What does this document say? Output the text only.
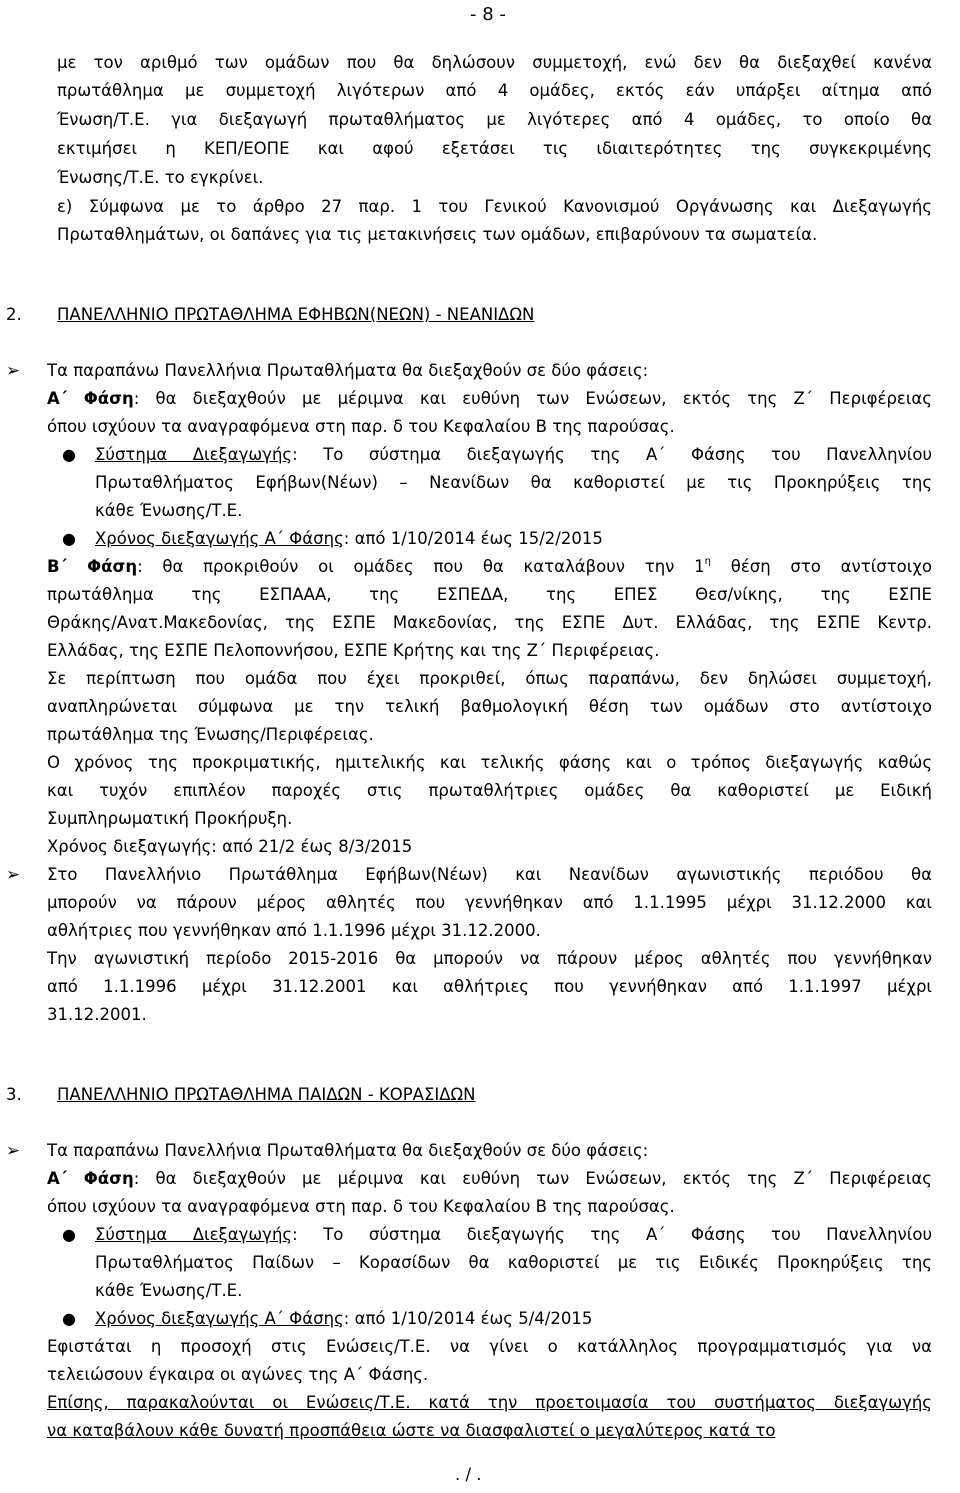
- 8 -
με τον αριθμό των ομάδων που θα δηλώσουν συμμετοχή, ενώ δεν θα διεξαχθεί κανένα
πρωτάθλημα με συμμετοχή λιγότερων από 4 ομάδες, εκτός εάν υπάρξει αίτημα από
Ένωση/Τ.Ε. για διεξαγωγή πρωταθλήματος με λιγότερες από 4 ομάδες, το οποίο θα
εκτιμήσει η ΚΕΠ/ΕΟΠΕ και αφού εξετάσει τις ιδιαιτερότητες της συγκεκριμένης
Ένωσης/Τ.Ε. το εγκρίνει.
ε) Σύμφωνα με το άρθρο 27 παρ. 1 του Γενικού Κανονισμού Οργάνωσης και Διεξαγωγής
Πρωταθλημάτων, οι δαπάνες για τις μετακινήσεις των ομάδων, επιβαρύνουν τα σωματεία.
2. ΠΑΝΕΛΛΗΝΙΟ ΠΡΩΤΑΘΛΗΜΑ ΕΦΗΒΩΝ(ΝΕΩΝ) - ΝΕΑΝΙΔΩΝ
➢ Τα παραπάνω Πανελλήνια Πρωταθλήματα θα διεξαχθούν σε δύο φάσεις:
Α΄ Φάση: θα διεξαχθούν με μέριμνα και ευθύνη των Ενώσεων, εκτός της Ζ΄ Περιφέρειας
όπου ισχύουν τα αναγραφόμενα στη παρ. δ του Κεφαλαίου Β της παρούσας.
● Σύστημα Διεξαγωγής: Το σύστημα διεξαγωγής της Α΄ Φάσης του Πανελληνίου
Πρωταθλήματος Εφήβων(Νέων) – Νεανίδων θα καθοριστεί με τις Προκηρύξεις της
κάθε Ένωσης/Τ.Ε.
● Χρόνος διεξαγωγής Α΄ Φάσης: από 1/10/2014 έως 15/2/2015
Β΄ Φάση: θα προκριθούν οι ομάδες που θα καταλάβουν την $1^\eta$ θέση στο αντίστοιχο
πρωτάθλημα της ΕΣΠΑΑΑ, της ΕΣΠΕΔΑ, της ΕΠΕΣ Θεσ/νίκης, της ΕΣΠΕ
Θράκης/Ανατ.Μακεδονίας, της ΕΣΠΕ Μακεδονίας, της ΕΣΠΕ Δυτ. Ελλάδας, της ΕΣΠΕ Κεντρ.
Ελλάδας, της ΕΣΠΕ Πελοποννήσου, ΕΣΠΕ Κρήτης και της Ζ΄ Περιφέρειας.
Σε περίπτωση που ομάδα που έχει προκριθεί, όπως παραπάνω, δεν δηλώσει συμμετοχή,
αναπληρώνεται σύμφωνα με την τελική βαθμολογική θέση των ομάδων στο αντίστοιχο
πρωτάθλημα της Ένωσης/Περιφέρειας.
Ο χρόνος της προκριματικής, ημιτελικής και τελικής φάσης και ο τρόπος διεξαγωγής καθώς
και τυχόν επιπλέον παροχές στις πρωταθλήτριες ομάδες θα καθοριστεί με Ειδική
Συμπληρωματική Προκήρυξη.
Χρόνος διεξαγωγής: από 21/2 έως 8/3/2015
➢ Στο Πανελλήνιο Πρωτάθλημα Εφήβων(Νέων) και Νεανίδων αγωνιστικής περιόδου θα
μπορούν να πάρουν μέρος αθλητές που γεννήθηκαν από 1.1.1995 μέχρι 31.12.2000 και
αθλήτριες που γεννήθηκαν από 1.1.1996 μέχρι 31.12.2000.
Την αγωνιστική περίοδο 2015-2016 θα μπορούν να πάρουν μέρος αθλητές που γεννήθηκαν
από 1.1.1996 μέχρι 31.12.2001 και αθλήτριες που γεννήθηκαν από 1.1.1997 μέχρι
31.12.2001.
3. ΠΑΝΕΛΛΗΝΙΟ ΠΡΩΤΑΘΛΗΜΑ ΠΑΙΔΩΝ - ΚΟΡΑΣΙΔΩΝ
➢ Τα παραπάνω Πανελλήνια Πρωταθλήματα θα διεξαχθούν σε δύο φάσεις:
Α΄ Φάση: θα διεξαχθούν με μέριμνα και ευθύνη των Ενώσεων, εκτός της Ζ΄ Περιφέρειας
όπου ισχύουν τα αναγραφόμενα στη παρ. δ του Κεφαλαίου Β της παρούσας.
● Σύστημα Διεξαγωγής: Το σύστημα διεξαγωγής της Α΄ Φάσης του Πανελληνίου
Πρωταθλήματος Παίδων – Κορασίδων θα καθοριστεί με τις Ειδικές Προκηρύξεις της
κάθε Ένωσης/Τ.Ε.
● Χρόνος διεξαγωγής Α΄ Φάσης: από 1/10/2014 έως 5/4/2015
Εφιστάται η προσοχή στις Ενώσεις/Τ.Ε. να γίνει ο κατάλληλος προγραμματισμός για να
τελειώσουν έγκαιρα οι αγώνες της Α΄ Φάσης.
Επίσης, παρακαλούνται οι Ενώσεις/Τ.Ε. κατά την προετοιμασία του συστήματος διεξαγωγής
να καταβάλουν κάθε δυνατή προσπάθεια ώστε να διασφαλιστεί ο μεγαλύτερος κατά το
. / .
